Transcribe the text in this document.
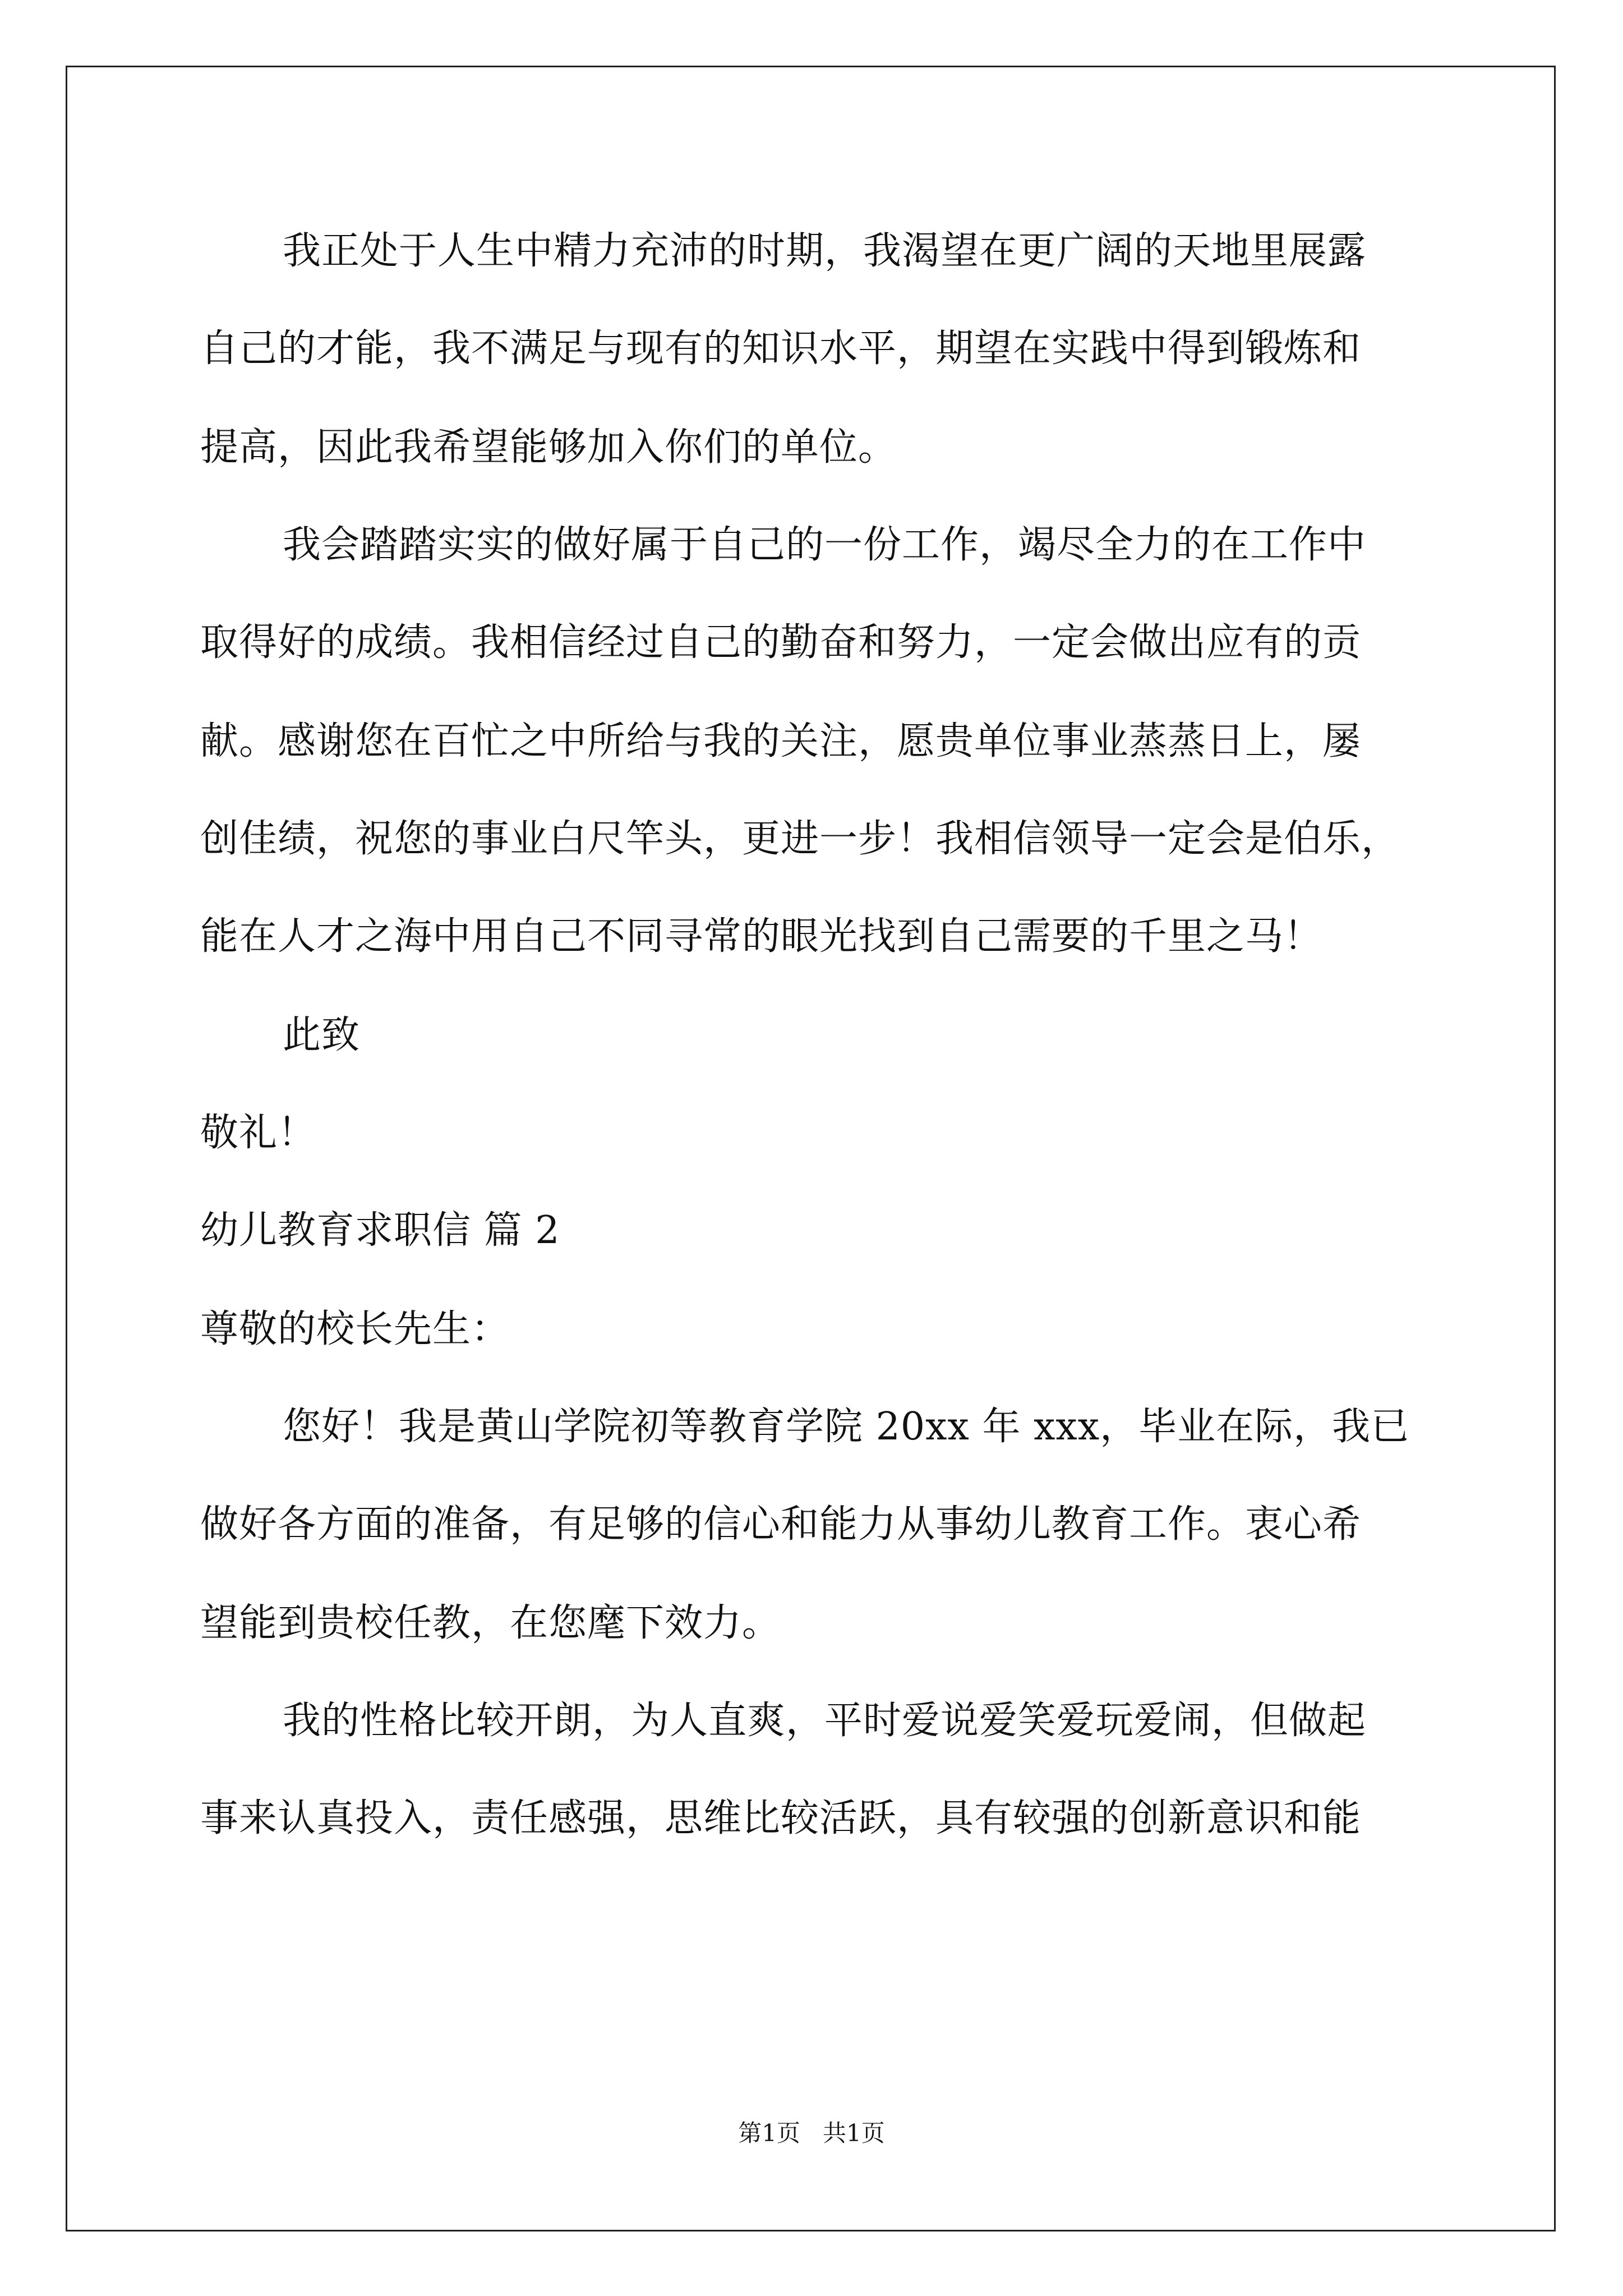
我正处于人生中精力充沛的时期，我渴望在更广阔的天地里展露
自己的才能，我不满足与现有的知识水平，期望在实践中得到锻炼和
提高，因此我希望能够加入你们的单位。
我会踏踏实实的做好属于自己的一份工作，竭尽全力的在工作中
取得好的成绩。我相信经过自己的勤奋和努力，一定会做出应有的贡
献。感谢您在百忙之中所给与我的关注，愿贵单位事业蒸蒸日上，屡
创佳绩，祝您的事业白尺竿头，更进一步！我相信领导一定会是伯乐，
能在人才之海中用自己不同寻常的眼光找到自己需要的千里之马！
此致
敬礼！
幼儿教育求职信 篇 2
尊敬的校长先生：
您好！我是黄山学院初等教育学院 20xx 年 xxx，毕业在际，我已
做好各方面的准备，有足够的信心和能力从事幼儿教育工作。衷心希
望能到贵校任教，在您麾下效力。
我的性格比较开朗，为人直爽，平时爱说爱笑爱玩爱闹，但做起
事来认真投入，责任感强，思维比较活跃，具有较强的创新意识和能
第1页   共1页
